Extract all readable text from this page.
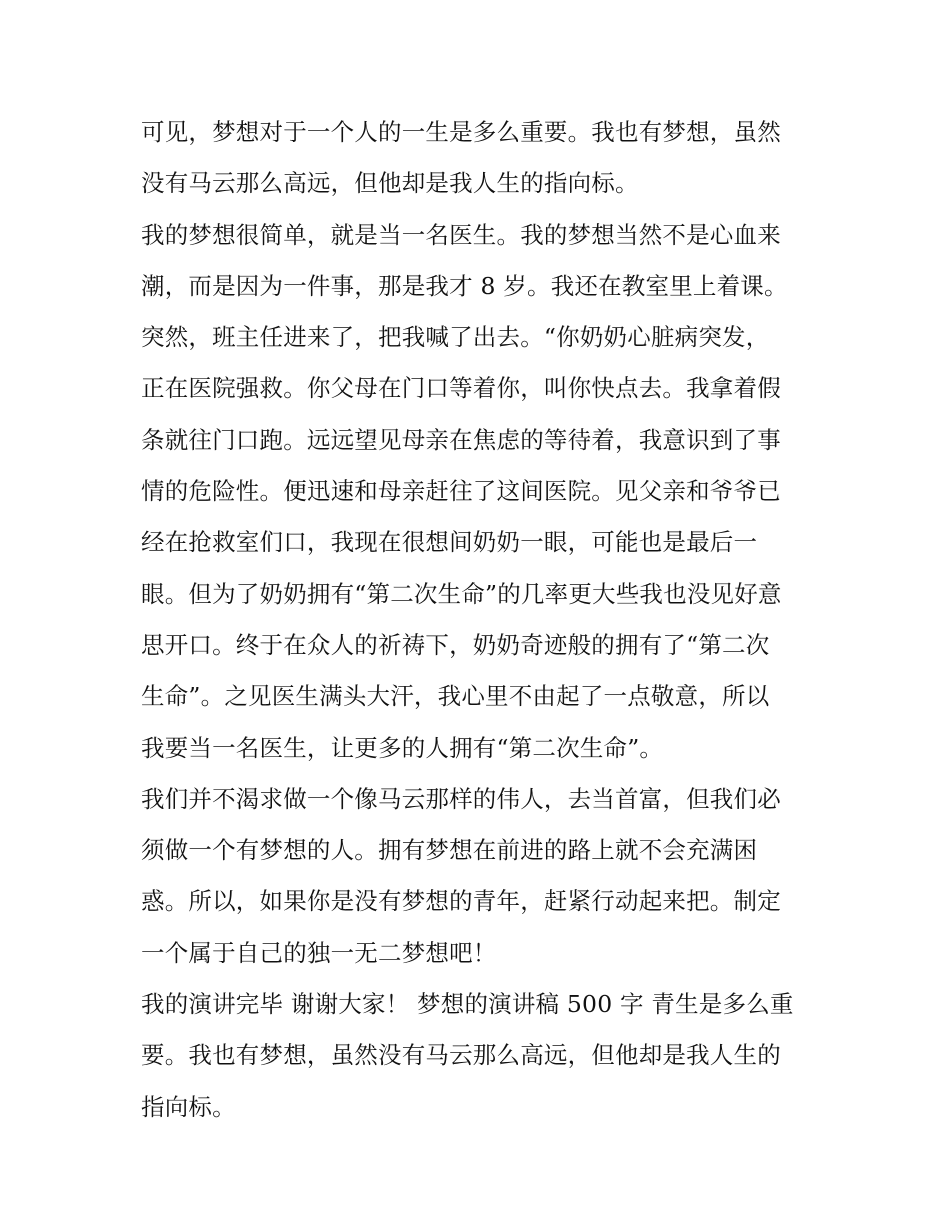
可见，梦想对于一个人的一生是多么重要。我也有梦想，虽然
没有马云那么高远，但他却是我人生的指向标。
我的梦想很简单，就是当一名医生。我的梦想当然不是心血来
潮，而是因为一件事，那是我才 8 岁。我还在教室里上着课。
突然，班主任进来了，把我喊了出去。“你奶奶心脏病突发，
正在医院强救。你父母在门口等着你，叫你快点去。我拿着假
条就往门口跑。远远望见母亲在焦虑的等待着，我意识到了事
情的危险性。便迅速和母亲赶往了这间医院。见父亲和爷爷已
经在抢救室们口，我现在很想间奶奶一眼，可能也是最后一
眼。但为了奶奶拥有“第二次生命”的几率更大些我也没见好意
思开口。终于在众人的祈祷下，奶奶奇迹般的拥有了“第二次
生命”。之见医生满头大汗，我心里不由起了一点敬意，所以
我要当一名医生，让更多的人拥有“第二次生命”。
我们并不渴求做一个像马云那样的伟人，去当首富，但我们必
须做一个有梦想的人。拥有梦想在前进的路上就不会充满困
惑。所以，如果你是没有梦想的青年，赶紧行动起来把。制定
一个属于自己的独一无二梦想吧！
我的演讲完毕 谢谢大家！ 梦想的演讲稿 500 字 青生是多么重
要。我也有梦想，虽然没有马云那么高远，但他却是我人生的
指向标。
